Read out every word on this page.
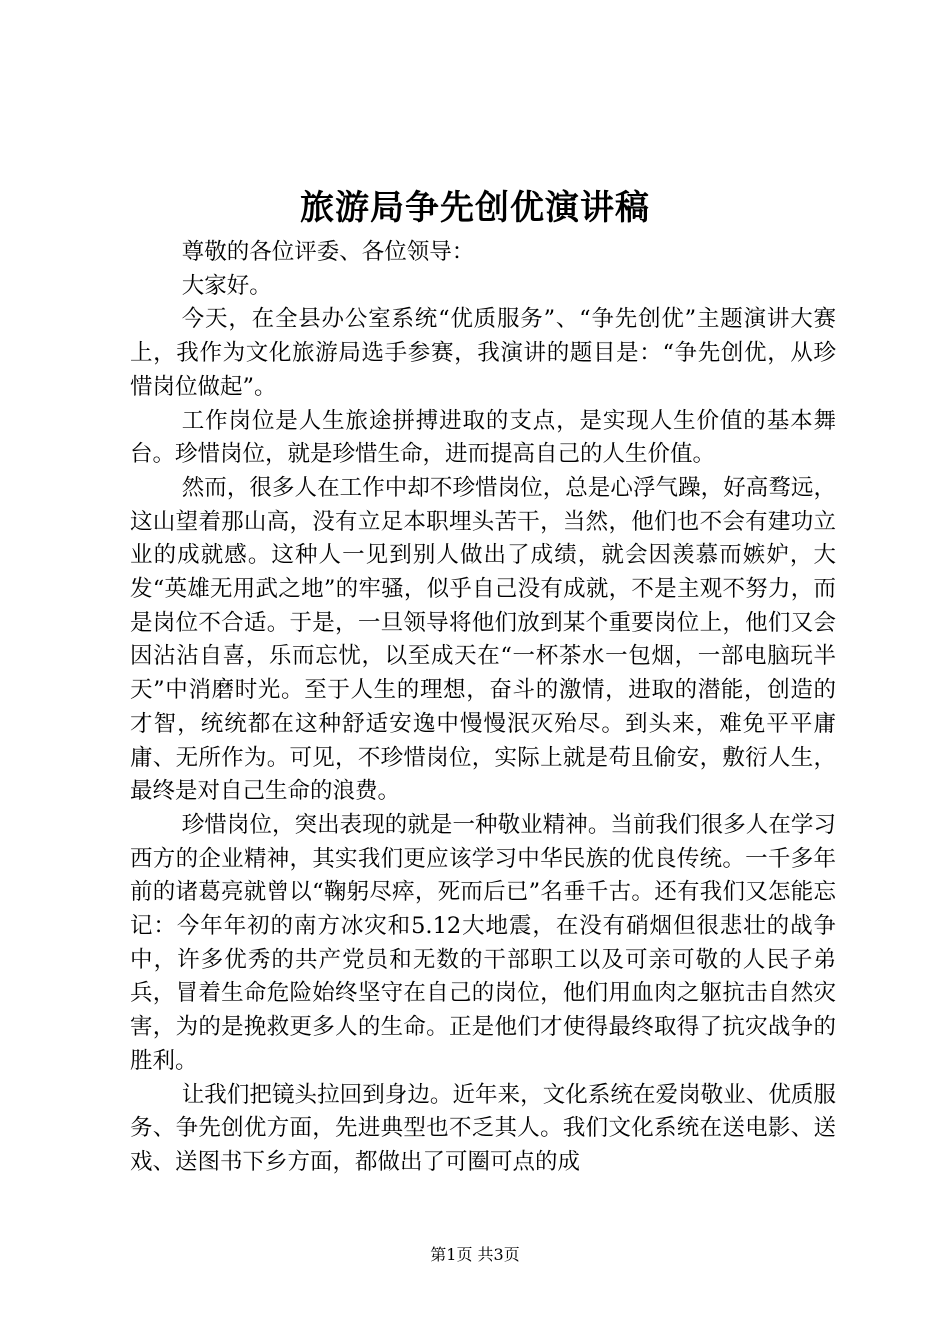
旅游局争先创优演讲稿

尊敬的各位评委、各位领导：

大家好。

今天，在全县办公室系统“优质服务”、“争先创优”主题演讲大赛上，我作为文化旅游局选手参赛，我演讲的题目是：“争先创优，从珍惜岗位做起”。

工作岗位是人生旅途拼搏进取的支点，是实现人生价值的基本舞台。珍惜岗位，就是珍惜生命，进而提高自己的人生价值。

然而，很多人在工作中却不珍惜岗位，总是心浮气躁，好高骛远，这山望着那山高，没有立足本职埋头苦干，当然，他们也不会有建功立业的成就感。这种人一见到别人做出了成绩，就会因羡慕而嫉妒，大发“英雄无用武之地”的牢骚，似乎自己没有成就，不是主观不努力，而是岗位不合适。于是，一旦领导将他们放到某个重要岗位上，他们又会因沾沾自喜，乐而忘忧，以至成天在“一杯茶水一包烟，一部电脑玩半天”中消磨时光。至于人生的理想，奋斗的激情，进取的潜能，创造的才智，统统都在这种舒适安逸中慢慢泯灭殆尽。到头来，难免平平庸庸、无所作为。可见，不珍惜岗位，实际上就是苟且偷安，敷衍人生，最终是对自己生命的浪费。

珍惜岗位，突出表现的就是一种敬业精神。当前我们很多人在学习西方的企业精神，其实我们更应该学习中华民族的优良传统。一千多年前的诸葛亮就曾以“鞠躬尽瘁，死而后已”名垂千古。还有我们又怎能忘记：今年年初的南方冰灾和5.12大地震，在没有硝烟但很悲壮的战争中，许多优秀的共产党员和无数的干部职工以及可亲可敬的人民子弟兵，冒着生命危险始终坚守在自己的岗位，他们用血肉之躯抗击自然灾害，为的是挽救更多人的生命。正是他们才使得最终取得了抗灾战争的胜利。

让我们把镜头拉回到身边。近年来，文化系统在爱岗敬业、优质服务、争先创优方面，先进典型也不乏其人。我们文化系统在送电影、送戏、送图书下乡方面，都做出了可圈可点的成

第1页 共3页
